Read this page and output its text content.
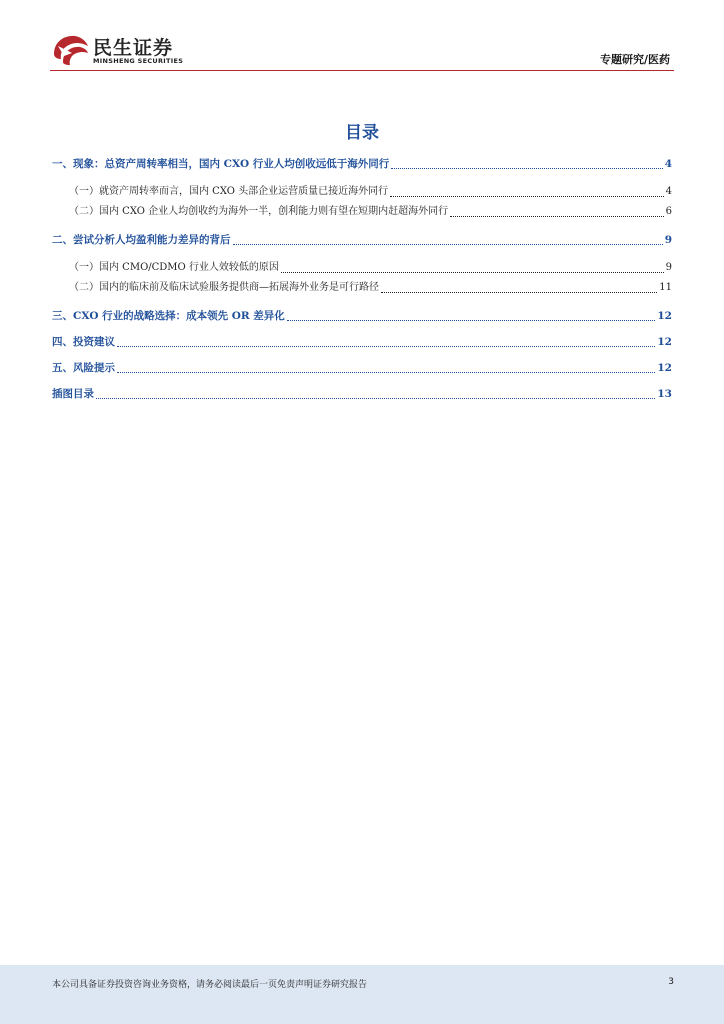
民生证券
MINSHENG SECURITIES	专题研究/医药
目录
一、现象：总资产周转率相当，国内 CXO 行业人均创收远低于海外同行	4
（一）就资产周转率而言，国内 CXO 头部企业运营质量已接近海外同行	4
（二）国内 CXO 企业人均创收约为海外一半，创利能力则有望在短期内赶超海外同行	6
二、尝试分析人均盈利能力差异的背后	9
（一）国内 CMO/CDMO 行业人效较低的原因	9
（二）国内的临床前及临床试验服务提供商—拓展海外业务是可行路径	11
三、CXO 行业的战略选择：成本领先 OR 差异化	12
四、投资建议	12
五、风险提示	12
插图目录	13
本公司具备证券投资咨询业务资格，请务必阅读最后一页免责声明证券研究报告	3
